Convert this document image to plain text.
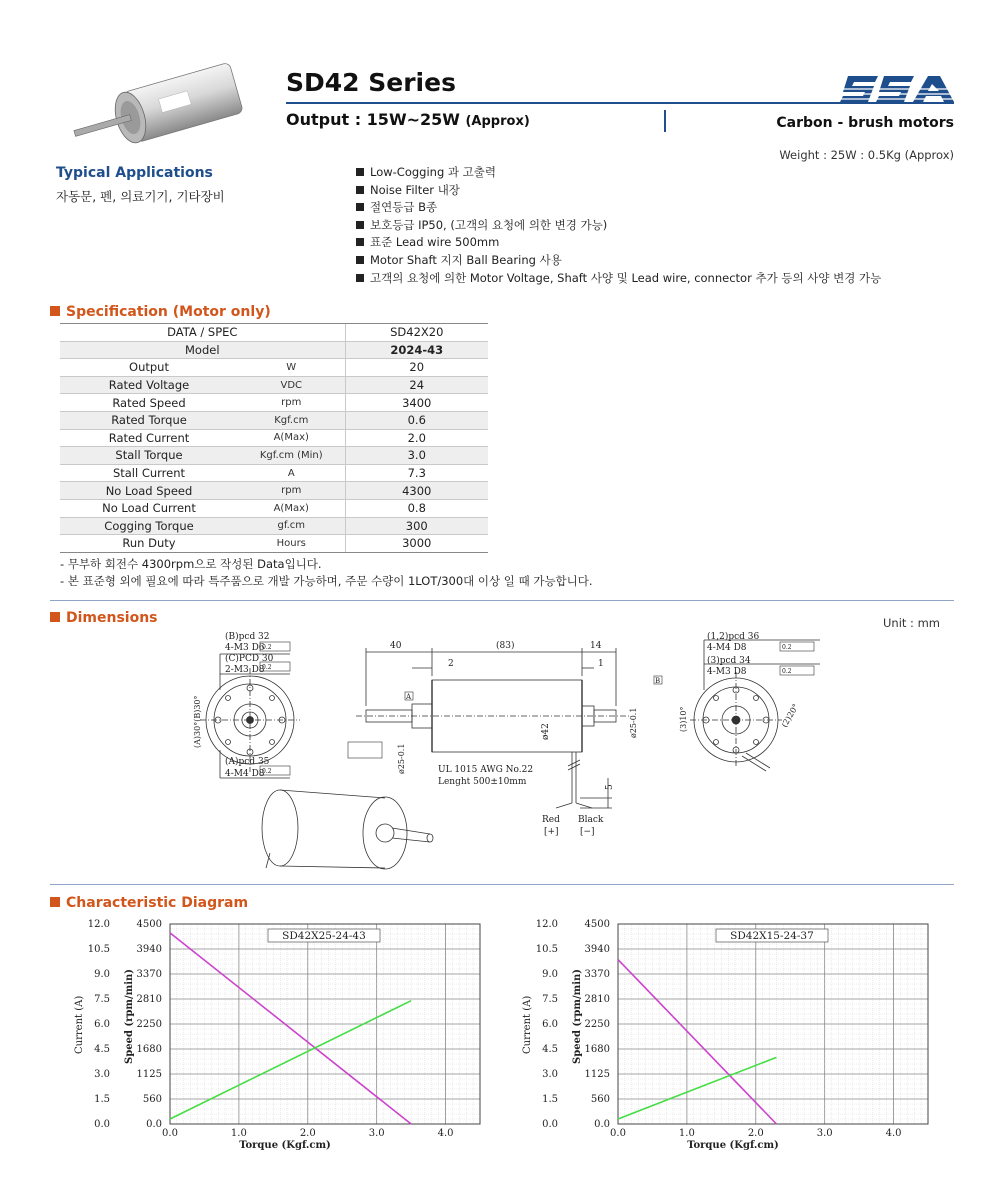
SD42 Series
Output : 15W~25W (Approx)	Carbon - brush motors
Weight : 25W : 0.5Kg (Approx)
Typical Applications
자동문, 펜, 의료기기, 기타장비
Low-Cogging 과 고출력
Noise Filter 내장
절연등급 B종
보호등급 IP50, (고객의 요청에 의한 변경 가능)
표준 Lead wire 500mm
Motor Shaft 지지 Ball Bearing 사용
고객의 요청에 의한 Motor Voltage, Shaft 사양 및 Lead wire, connector 추가 등의 사양 변경 가능
Specification (Motor only)
DATA / SPEC		SD42X20
Model		2024-43
Output	W	20
Rated Voltage	VDC	24
Rated Speed	rpm	3400
Rated Torque	Kgf.cm	0.6
Rated Current	A(Max)	2.0
Stall Torque	Kgf.cm (Min)	3.0
Stall Current	A	7.3
No Load Speed	rpm	4300
No Load Current	A(Max)	0.8
Cogging Torque	gf.cm	300
Run Duty	Hours	3000
- 무부하 회전수 4300rpm으로 작성된 Data입니다.
- 본 표준형 외에 필요에 따라 특주품으로 개발 가능하며, 주문 수량이 1LOT/300대 이상 일 때 가능합니다.
Dimensions	Unit : mm
(B)pcd 32
4-M3 D6
(C)PCD 30
2-M3 D8
(A)pcd 35
4-M4 D8
0.2
0.2
0.2
0.2
0.2
40	(83)	14
2	1
A
B
ø42
ø25-0.1
ø25-0.1
UL 1015 AWG No.22
Lenght 500±10mm
5
Red Black
[+] [−]
(1,2)pcd 36
4-M4 D8
(3)pcd 34
4-M3 D8
(A)30°(B)30°	(3)10°	(2)20°
Characteristic Diagram
0.0
1.5
3.0
4.5
6.0
7.5
9.0
10.5
12.0
0.0
560
1125
1680
2250
2810
3370
3940
4500
0.0	1.0	2.0	3.0	4.0
Current (A)	Speed (rpm/min)
Torque (Kgf.cm)
SD42X25-24-43
0.0
1.5
3.0
4.5
6.0
7.5
9.0
10.5
12.0
0.0
560
1125
1680
2250
2810
3370
3940
4500
0.0	1.0	2.0	3.0	4.0
Current (A)	Speed (rpm/min)
Torque (Kgf.cm)
SD42X15-24-37
